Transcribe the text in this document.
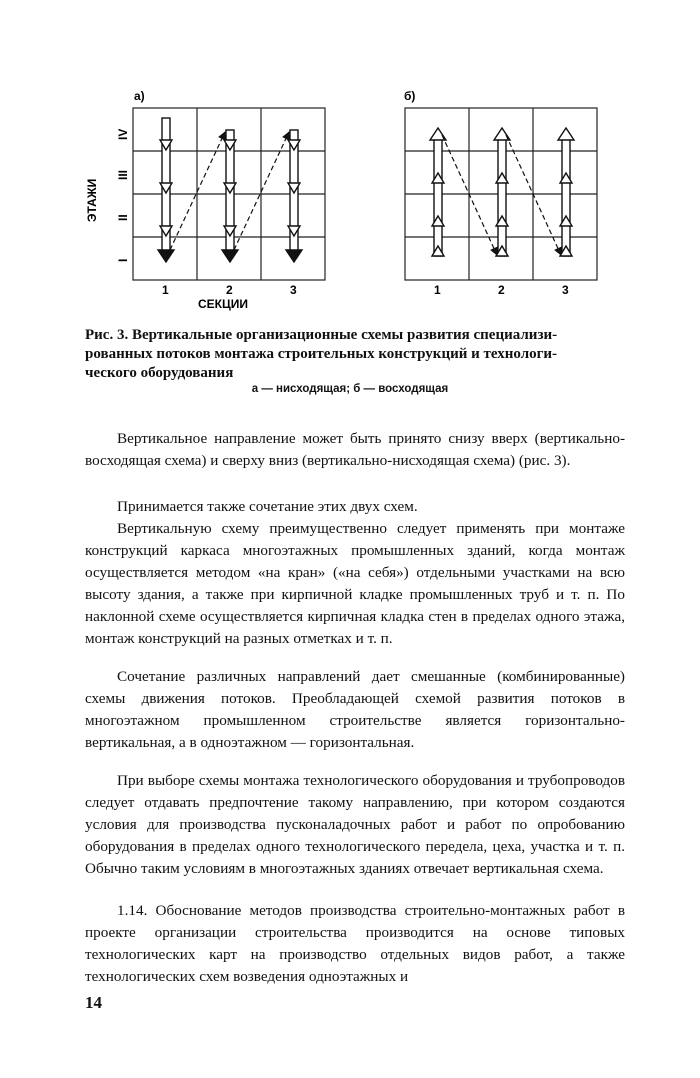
а)	б)
ЭТАЖИ
I
II
III
IV
1	2	3
СЕКЦИИ
1	2	3
Рис. 3. Вертикальные организационные схемы развития специализи-
рованных потоков монтажа строительных конструкций и технологи-
ческого оборудования
а — нисходящая; б — восходящая
Вертикальное направление может быть принято снизу вверх (вертикально-восходящая схема) и сверху вниз (вертикально-нисходящая схема) (рис. 3).
Принимается также сочетание этих двух схем.
Вертикальную схему преимущественно следует применять при монтаже конструкций каркаса многоэтажных промышленных зданий, когда монтаж осуществляется методом «на кран» («на себя») отдельными участками на всю высоту здания, а также при кирпичной кладке промышленных труб и т. п. По наклонной схеме осуществляется кирпичная кладка стен в пределах одного этажа, монтаж конструкций на разных отметках и т. п.
Сочетание различных направлений дает смешанные (комбинированные) схемы движения потоков. Преобладающей схемой развития потоков в многоэтажном промышленном строительстве является горизонтально-вертикальная, а в одноэтажном — горизонтальная.
При выборе схемы монтажа технологического оборудования и трубопроводов следует отдавать предпочтение такому направлению, при котором создаются условия для производства пусконаладочных работ и работ по опробованию оборудования в пределах одного технологического передела, цеха, участка и т. п. Обычно таким условиям в многоэтажных зданиях отвечает вертикальная схема.
1.14. Обоснование методов производства строительно-монтажных работ в проекте организации строительства производится на основе типовых технологических карт на производство отдельных видов работ, а также технологических схем возведения одноэтажных и
14
